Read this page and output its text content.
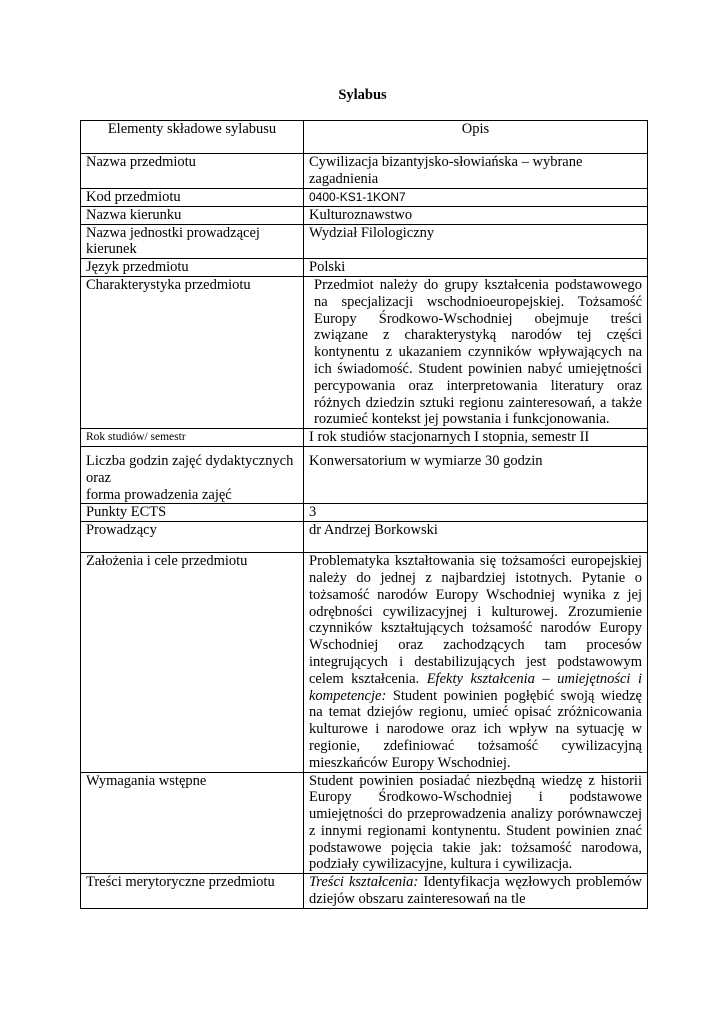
Sylabus
Elementy składowe sylabusu	Opis
Nazwa przedmiotu	Cywilizacja bizantyjsko-słowiańska – wybrane zagadnienia
Kod przedmiotu	0400-KS1-1KON7
Nazwa kierunku	Kulturoznawstwo
Nazwa jednostki prowadzącej kierunek	Wydział Filologiczny
Język przedmiotu	Polski
Charakterystyka przedmiotu	Przedmiot należy do grupy kształcenia podstawowego na specjalizacji wschodnioeuropejskiej. Tożsamość Europy Środkowo-Wschodniej obejmuje treści związane z charakterystyką narodów tej części kontynentu z ukazaniem czynników wpływających na ich świadomość. Student powinien nabyć umiejętności percypowania oraz interpretowania literatury oraz różnych dziedzin sztuki regionu zainteresowań, a także rozumieć kontekst jej powstania i funkcjonowania.
Rok studiów/ semestr	I rok studiów stacjonarnych I stopnia, semestr II
Liczba godzin zajęć dydaktycznych oraz
forma prowadzenia zajęć	Konwersatorium w wymiarze 30 godzin
Punkty ECTS	3
Prowadzący	dr Andrzej Borkowski
Założenia i cele przedmiotu	Problematyka kształtowania się tożsamości europejskiej należy do jednej z najbardziej istotnych. Pytanie o tożsamość narodów Europy Wschodniej wynika z jej odrębności cywilizacyjnej i kulturowej. Zrozumienie czynników kształtujących tożsamość narodów Europy Wschodniej oraz zachodzących tam procesów integrujących i destabilizujących jest podstawowym celem kształcenia. Efekty kształcenia – umiejętności i kompetencje: Student powinien pogłębić swoją wiedzę na temat dziejów regionu, umieć opisać zróżnicowania kulturowe i narodowe oraz ich wpływ na sytuację w regionie, zdefiniować tożsamość cywilizacyjną mieszkańców Europy Wschodniej.
Wymagania wstępne	Student powinien posiadać niezbędną wiedzę z historii Europy Środkowo-Wschodniej i podstawowe umiejętności do przeprowadzenia analizy porównawczej z innymi regionami kontynentu. Student powinien znać podstawowe pojęcia takie jak: tożsamość narodowa, podziały cywilizacyjne, kultura i cywilizacja.
Treści merytoryczne przedmiotu	Treści kształcenia: Identyfikacja węzłowych problemów dziejów obszaru zainteresowań na tle
